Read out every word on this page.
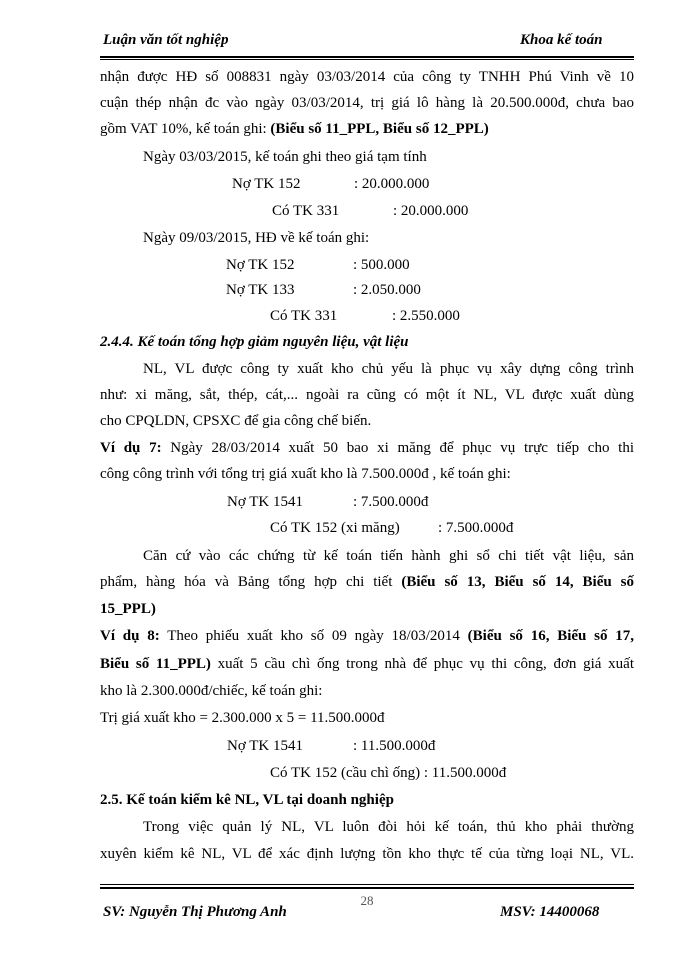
Luận văn tốt nghiệp	Khoa kế toán
nhận được HĐ số 008831 ngày 03/03/2014 của công ty TNHH Phú Vinh về 10
cuận thép nhận đc vào ngày 03/03/2014, trị giá lô hàng là 20.500.000đ, chưa bao
gồm VAT 10%, kế toán ghi: (Biểu số 11_PPL, Biểu số 12_PPL)
Ngày 03/03/2015, kế toán ghi theo giá tạm tính
Nợ TK 152	: 20.000.000
Có TK 331	: 20.000.000
Ngày 09/03/2015, HĐ về kế toán ghi:
Nợ TK 152	: 500.000
Nợ TK 133	: 2.050.000
Có TK 331	: 2.550.000
2.4.4. Kế toán tổng hợp giảm nguyên liệu, vật liệu
NL, VL được công ty xuất kho chủ yếu là phục vụ xây dựng công trình
như: xi măng, sắt, thép, cát,... ngoài ra cũng có một ít NL, VL được xuất dùng
cho CPQLDN, CPSXC để gia công chế biến.
Ví dụ 7: Ngày 28/03/2014 xuất 50 bao xi măng để phục vụ trực tiếp cho thi
công công trình với tổng trị giá xuất kho là 7.500.000đ , kế toán ghi:
Nợ TK 1541	: 7.500.000đ
Có TK 152 (xi măng)	: 7.500.000đ
Căn cứ vào các chứng từ kế toán tiến hành ghi sổ chi tiết vật liệu, sản
phẩm, hàng hóa và Bảng tổng hợp chi tiết (Biểu số 13, Biểu số 14, Biểu số
15_PPL)
Ví dụ 8: Theo phiếu xuất kho số 09 ngày 18/03/2014 (Biểu số 16, Biểu số 17,
Biểu số 11_PPL) xuất 5 cầu chì ống trong nhà để phục vụ thi công, đơn giá xuất
kho là 2.300.000đ/chiếc, kế toán ghi:
Trị giá xuất kho = 2.300.000 x 5 = 11.500.000đ
Nợ TK 1541	: 11.500.000đ
Có TK 152 (cầu chì ống) : 11.500.000đ
2.5. Kế toán kiểm kê NL, VL tại doanh nghiệp
Trong việc quản lý NL, VL luôn đòi hỏi kế toán, thủ kho phải thường
xuyên kiểm kê NL, VL để xác định lượng tồn kho thực tế của từng loại NL, VL.
28
SV: Nguyễn Thị Phương Anh	MSV: 14400068
